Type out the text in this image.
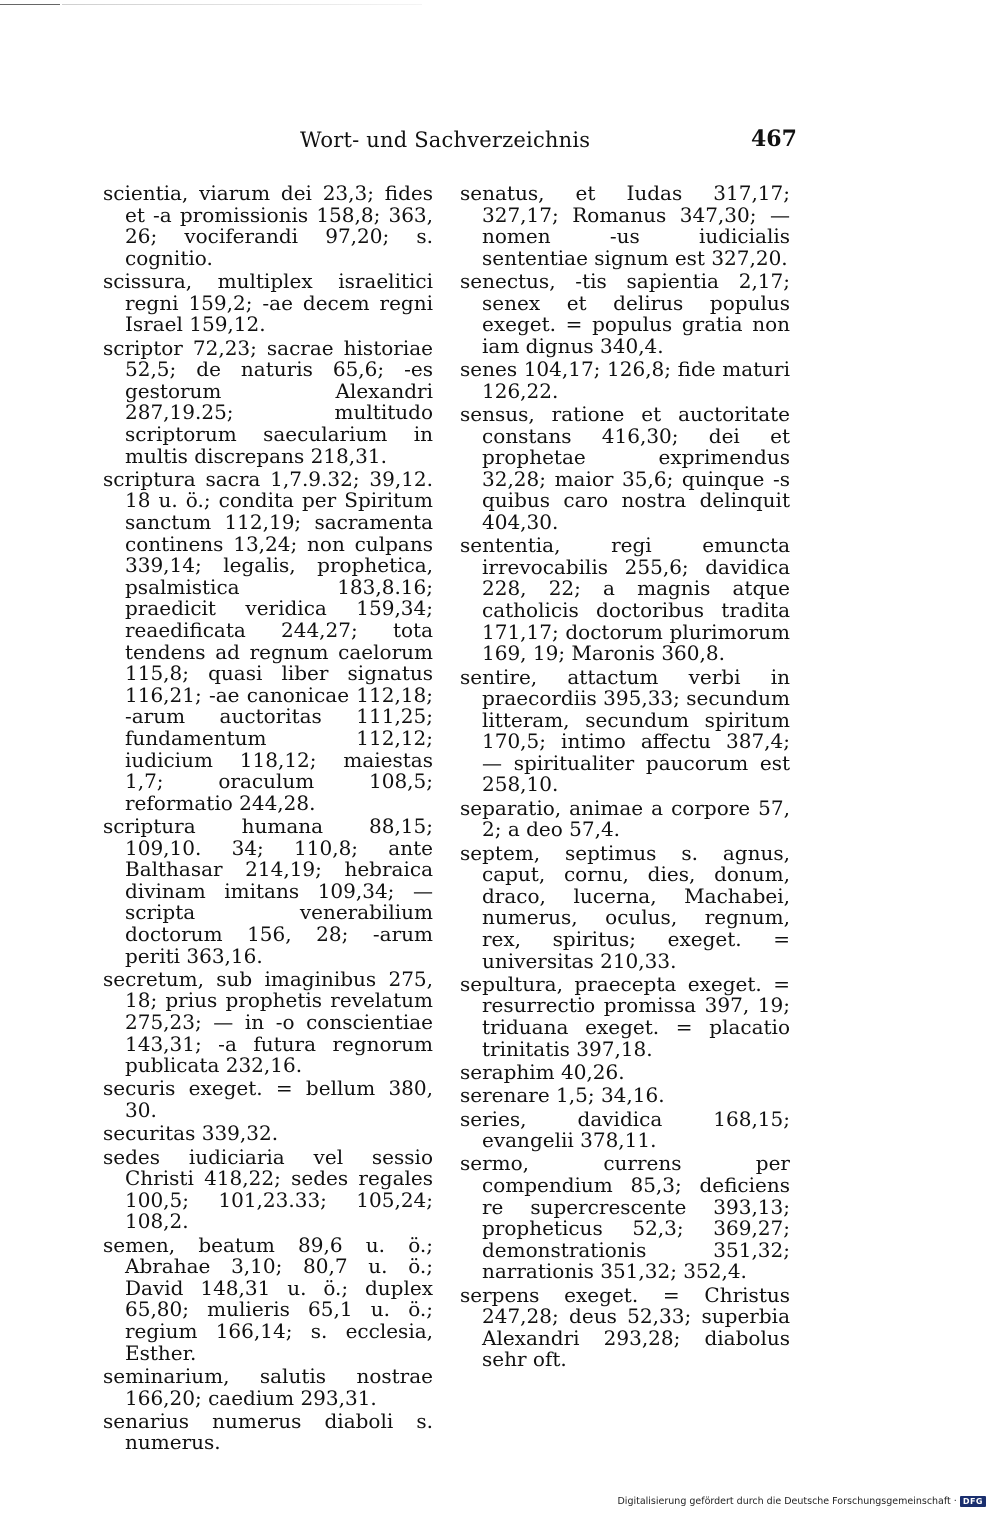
Wort- und Sachverzeichnis	467

scientia, viarum dei 23,3; fides et -a promissionis 158,8; 363, 26; vociferandi 97,20; s. cognitio.

scissura, multiplex israelitici regni 159,2; -ae decem regni Israel 159,12.

scriptor 72,23; sacrae historiae 52,5; de naturis 65,6; -es gestorum Alexandri 287,19.25; multitudo scriptorum saecularium in multis discrepans 218,31.

scriptura sacra 1,7.9.32; 39,12. 18 u. ö.; condita per Spiritum sanctum 112,19; sacramenta continens 13,24; non culpans 339,14; legalis, prophetica, psalmistica 183,8.16; praedicit veridica 159,34; reaedificata 244,27; tota tendens ad regnum caelorum 115,8; quasi liber signatus 116,21; -ae canonicae 112,18; -arum auctoritas 111,25; fundamentum 112,12; iudicium 118,12; maiestas 1,7; oraculum 108,5; reformatio 244,28.

scriptura humana 88,15; 109,10. 34; 110,8; ante Balthasar 214,19; hebraica divinam imitans 109,34; — scripta venerabilium doctorum 156, 28; -arum periti 363,16.

secretum, sub imaginibus 275, 18; prius prophetis revelatum 275,23; — in -o conscientiae 143,31; -a futura regnorum publicata 232,16.

securis exeget. = bellum 380, 30.

securitas 339,32.

sedes iudiciaria vel sessio Christi 418,22; sedes regales 100,5; 101,23.33; 105,24; 108,2.

semen, beatum 89,6 u. ö.; Abrahae 3,10; 80,7 u. ö.; David 148,31 u. ö.; duplex 65,80; mulieris 65,1 u. ö.; regium 166,14; s. ecclesia, Esther.

seminarium, salutis nostrae 166,20; caedium 293,31.

senarius numerus diaboli s. numerus.

senatus, et Iudas 317,17; 327,17; Romanus 347,30; — nomen -us iudicialis sententiae signum est 327,20.

senectus, -tis sapientia 2,17; senex et delirus populus exeget. = populus gratia non iam dignus 340,4.

senes 104,17; 126,8; fide maturi 126,22.

sensus, ratione et auctoritate constans 416,30; dei et prophetae exprimendus 32,28; maior 35,6; quinque -s quibus caro nostra delinquit 404,30.

sententia, regi emuncta irrevocabilis 255,6; davidica 228, 22; a magnis atque catholicis doctoribus tradita 171,17; doctorum plurimorum 169, 19; Maronis 360,8.

sentire, attactum verbi in praecordiis 395,33; secundum litteram, secundum spiritum 170,5; intimo affectu 387,4; — spiritualiter paucorum est 258,10.

separatio, animae a corpore 57, 2; a deo 57,4.

septem, septimus s. agnus, caput, cornu, dies, donum, draco, lucerna, Machabei, numerus, oculus, regnum, rex, spiritus; exeget. = universitas 210,33.

sepultura, praecepta exeget. = resurrectio promissa 397, 19; triduana exeget. = placatio trinitatis 397,18.

seraphim 40,26.

serenare 1,5; 34,16.

series, davidica 168,15; evangelii 378,11.

sermo, currens per compendium 85,3; deficiens re supercrescente 393,13; propheticus 52,3; 369,27; demonstrationis 351,32; narrationis 351,32; 352,4.

serpens exeget. = Christus 247,28; deus 52,33; superbia Alexandri 293,28; diabolus sehr oft.

Digitalisierung gefördert durch die Deutsche Forschungsgemeinschaft · DFG
